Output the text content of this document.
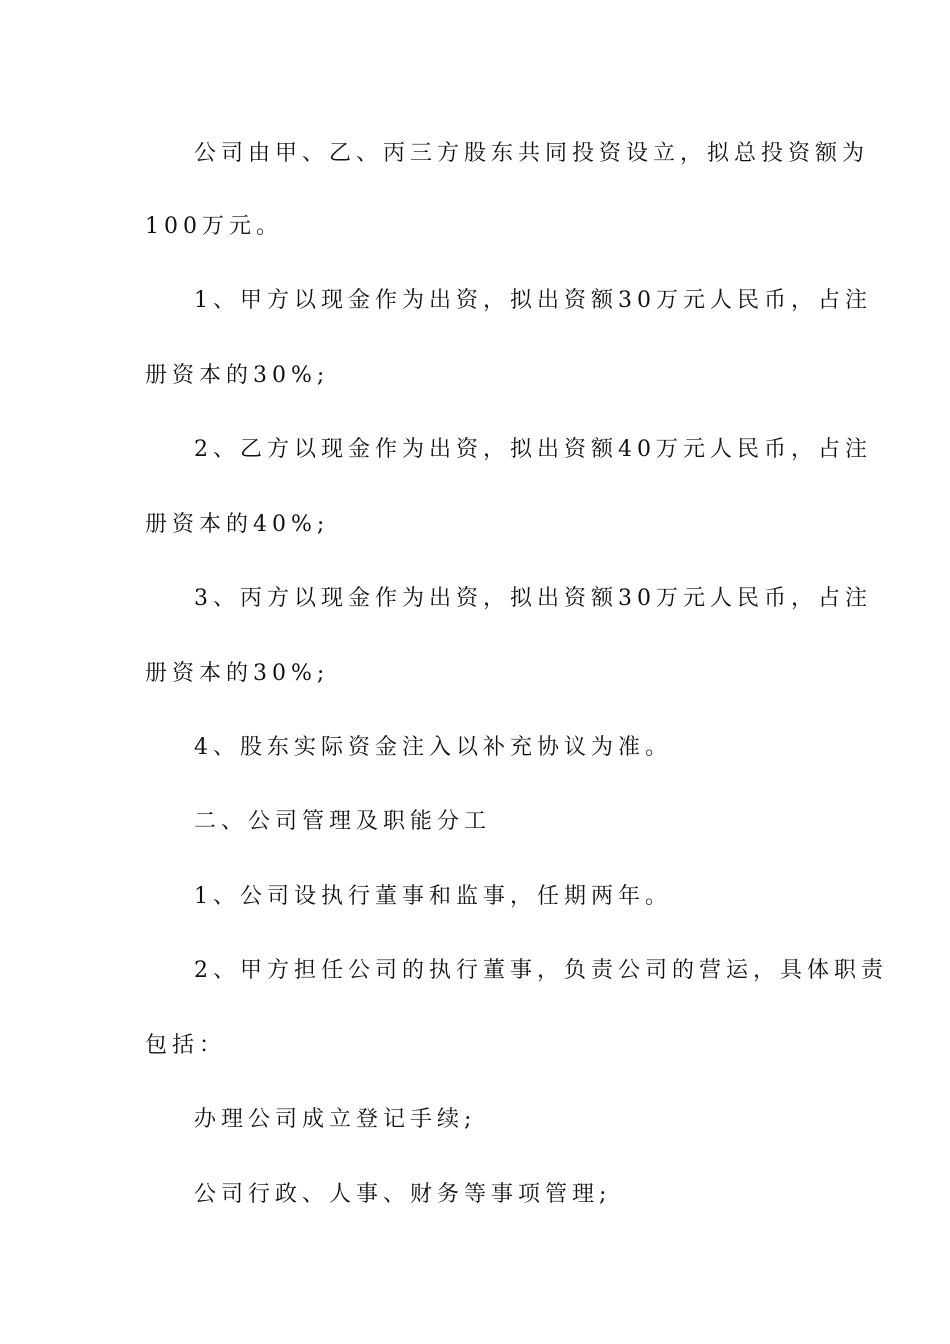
公司由甲、乙、丙三方股东共同投资设立，拟总投资额为

100万元。

1、甲方以现金作为出资，拟出资额30万元人民币，占注

册资本的30%;

2、乙方以现金作为出资，拟出资额40万元人民币，占注

册资本的40%;

3、丙方以现金作为出资，拟出资额30万元人民币，占注

册资本的30%;

4、股东实际资金注入以补充协议为准。

二、公司管理及职能分工

1、公司设执行董事和监事，任期两年。

2、甲方担任公司的执行董事，负责公司的营运，具体职责

包括：

办理公司成立登记手续;

公司行政、人事、财务等事项管理;
